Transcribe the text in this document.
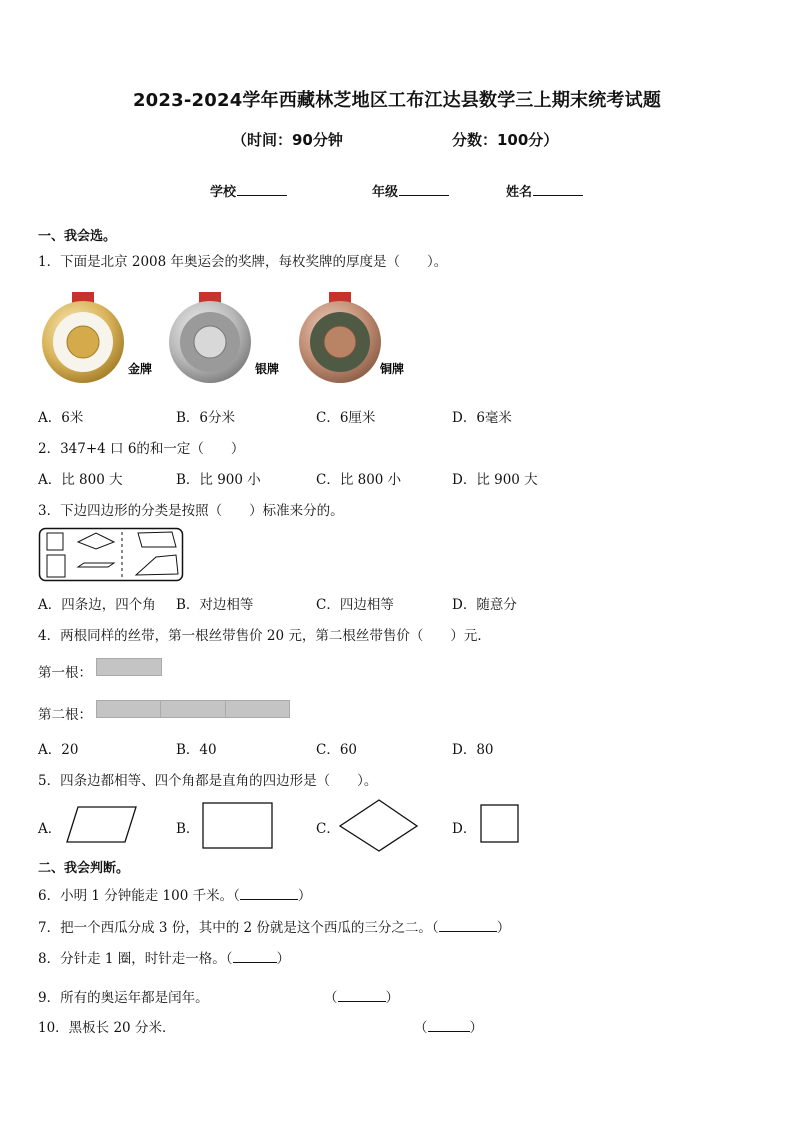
2023-2024学年西藏林芝地区工布江达县数学三上期末统考试题
（时间：90分钟	分数：100分）
学校	年级	姓名
一、我会选。
1．下面是北京 2008 年奥运会的奖牌，每枚奖牌的厚度是（　　）。
金牌	银牌	铜牌
A．6米	B．6分米	C．6厘米	D．6毫米
2．347+4 口 6的和一定（　　）
A．比 800 大	B．比 900 小	C．比 800 小	D．比 900 大
3．下边四边形的分类是按照（　　）标准来分的。
A．四条边，四个角 B．对边相等	C．四边相等	D．随意分
4．两根同样的丝带，第一根丝带售价 20 元，第二根丝带售价（　　）元．
第一根：
第二根：
A．20	B．40	C．60	D．80
5．四条边都相等、四个角都是直角的四边形是（　　）。
A．	B．	C．	D．
二、我会判断。
6．小明 1 分钟能走 100 千米。（	）
7．把一个西瓜分成 3 份，其中的 2 份就是这个西瓜的三分之二。（	）
8．分针走 1 圈，时针走一格。（	）
9．所有的奥运年都是闰年。	（	）
10．黑板长 20 分米．	（	）
